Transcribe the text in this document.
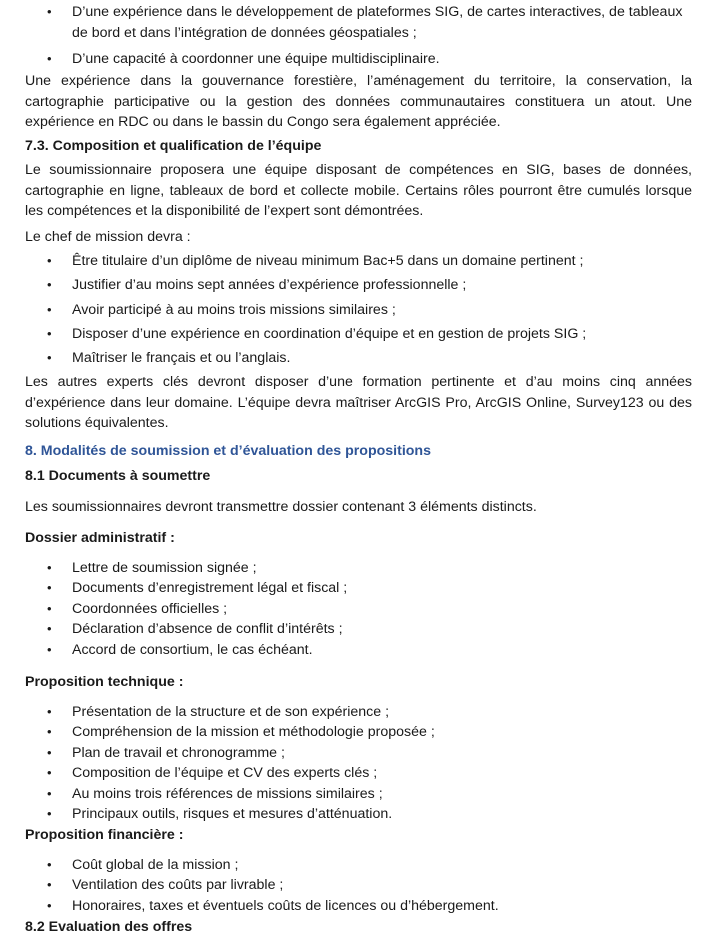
• D’une expérience dans le développement de plateformes SIG, de cartes interactives, de tableaux de bord et dans l’intégration de données géospatiales ;
• D’une capacité à coordonner une équipe multidisciplinaire.

Une expérience dans la gouvernance forestière, l’aménagement du territoire, la conservation, la cartographie participative ou la gestion des données communautaires constituera un atout. Une expérience en RDC ou dans le bassin du Congo sera également appréciée.

7.3. Composition et qualification de l’équipe

Le soumissionnaire proposera une équipe disposant de compétences en SIG, bases de données, cartographie en ligne, tableaux de bord et collecte mobile. Certains rôles pourront être cumulés lorsque les compétences et la disponibilité de l’expert sont démontrées.

Le chef de mission devra :
• Être titulaire d’un diplôme de niveau minimum Bac+5 dans un domaine pertinent ;
• Justifier d’au moins sept années d’expérience professionnelle ;
• Avoir participé à au moins trois missions similaires ;
• Disposer d’une expérience en coordination d’équipe et en gestion de projets SIG ;
• Maîtriser le français et ou l’anglais.

Les autres experts clés devront disposer d’une formation pertinente et d’au moins cinq années d’expérience dans leur domaine. L’équipe devra maîtriser ArcGIS Pro, ArcGIS Online, Survey123 ou des solutions équivalentes.

8. Modalités de soumission et d’évaluation des propositions
8.1 Documents à soumettre
Les soumissionnaires devront transmettre dossier contenant 3 éléments distincts.
Dossier administratif :
• Lettre de soumission signée ;
• Documents d’enregistrement légal et fiscal ;
• Coordonnées officielles ;
• Déclaration d’absence de conflit d’intérêts ;
• Accord de consortium, le cas échéant.
Proposition technique :
• Présentation de la structure et de son expérience ;
• Compréhension de la mission et méthodologie proposée ;
• Plan de travail et chronogramme ;
• Composition de l’équipe et CV des experts clés ;
• Au moins trois références de missions similaires ;
• Principaux outils, risques et mesures d’atténuation.
Proposition financière :
• Coût global de la mission ;
• Ventilation des coûts par livrable ;
• Honoraires, taxes et éventuels coûts de licences ou d’hébergement.
8.2 Evaluation des offres
